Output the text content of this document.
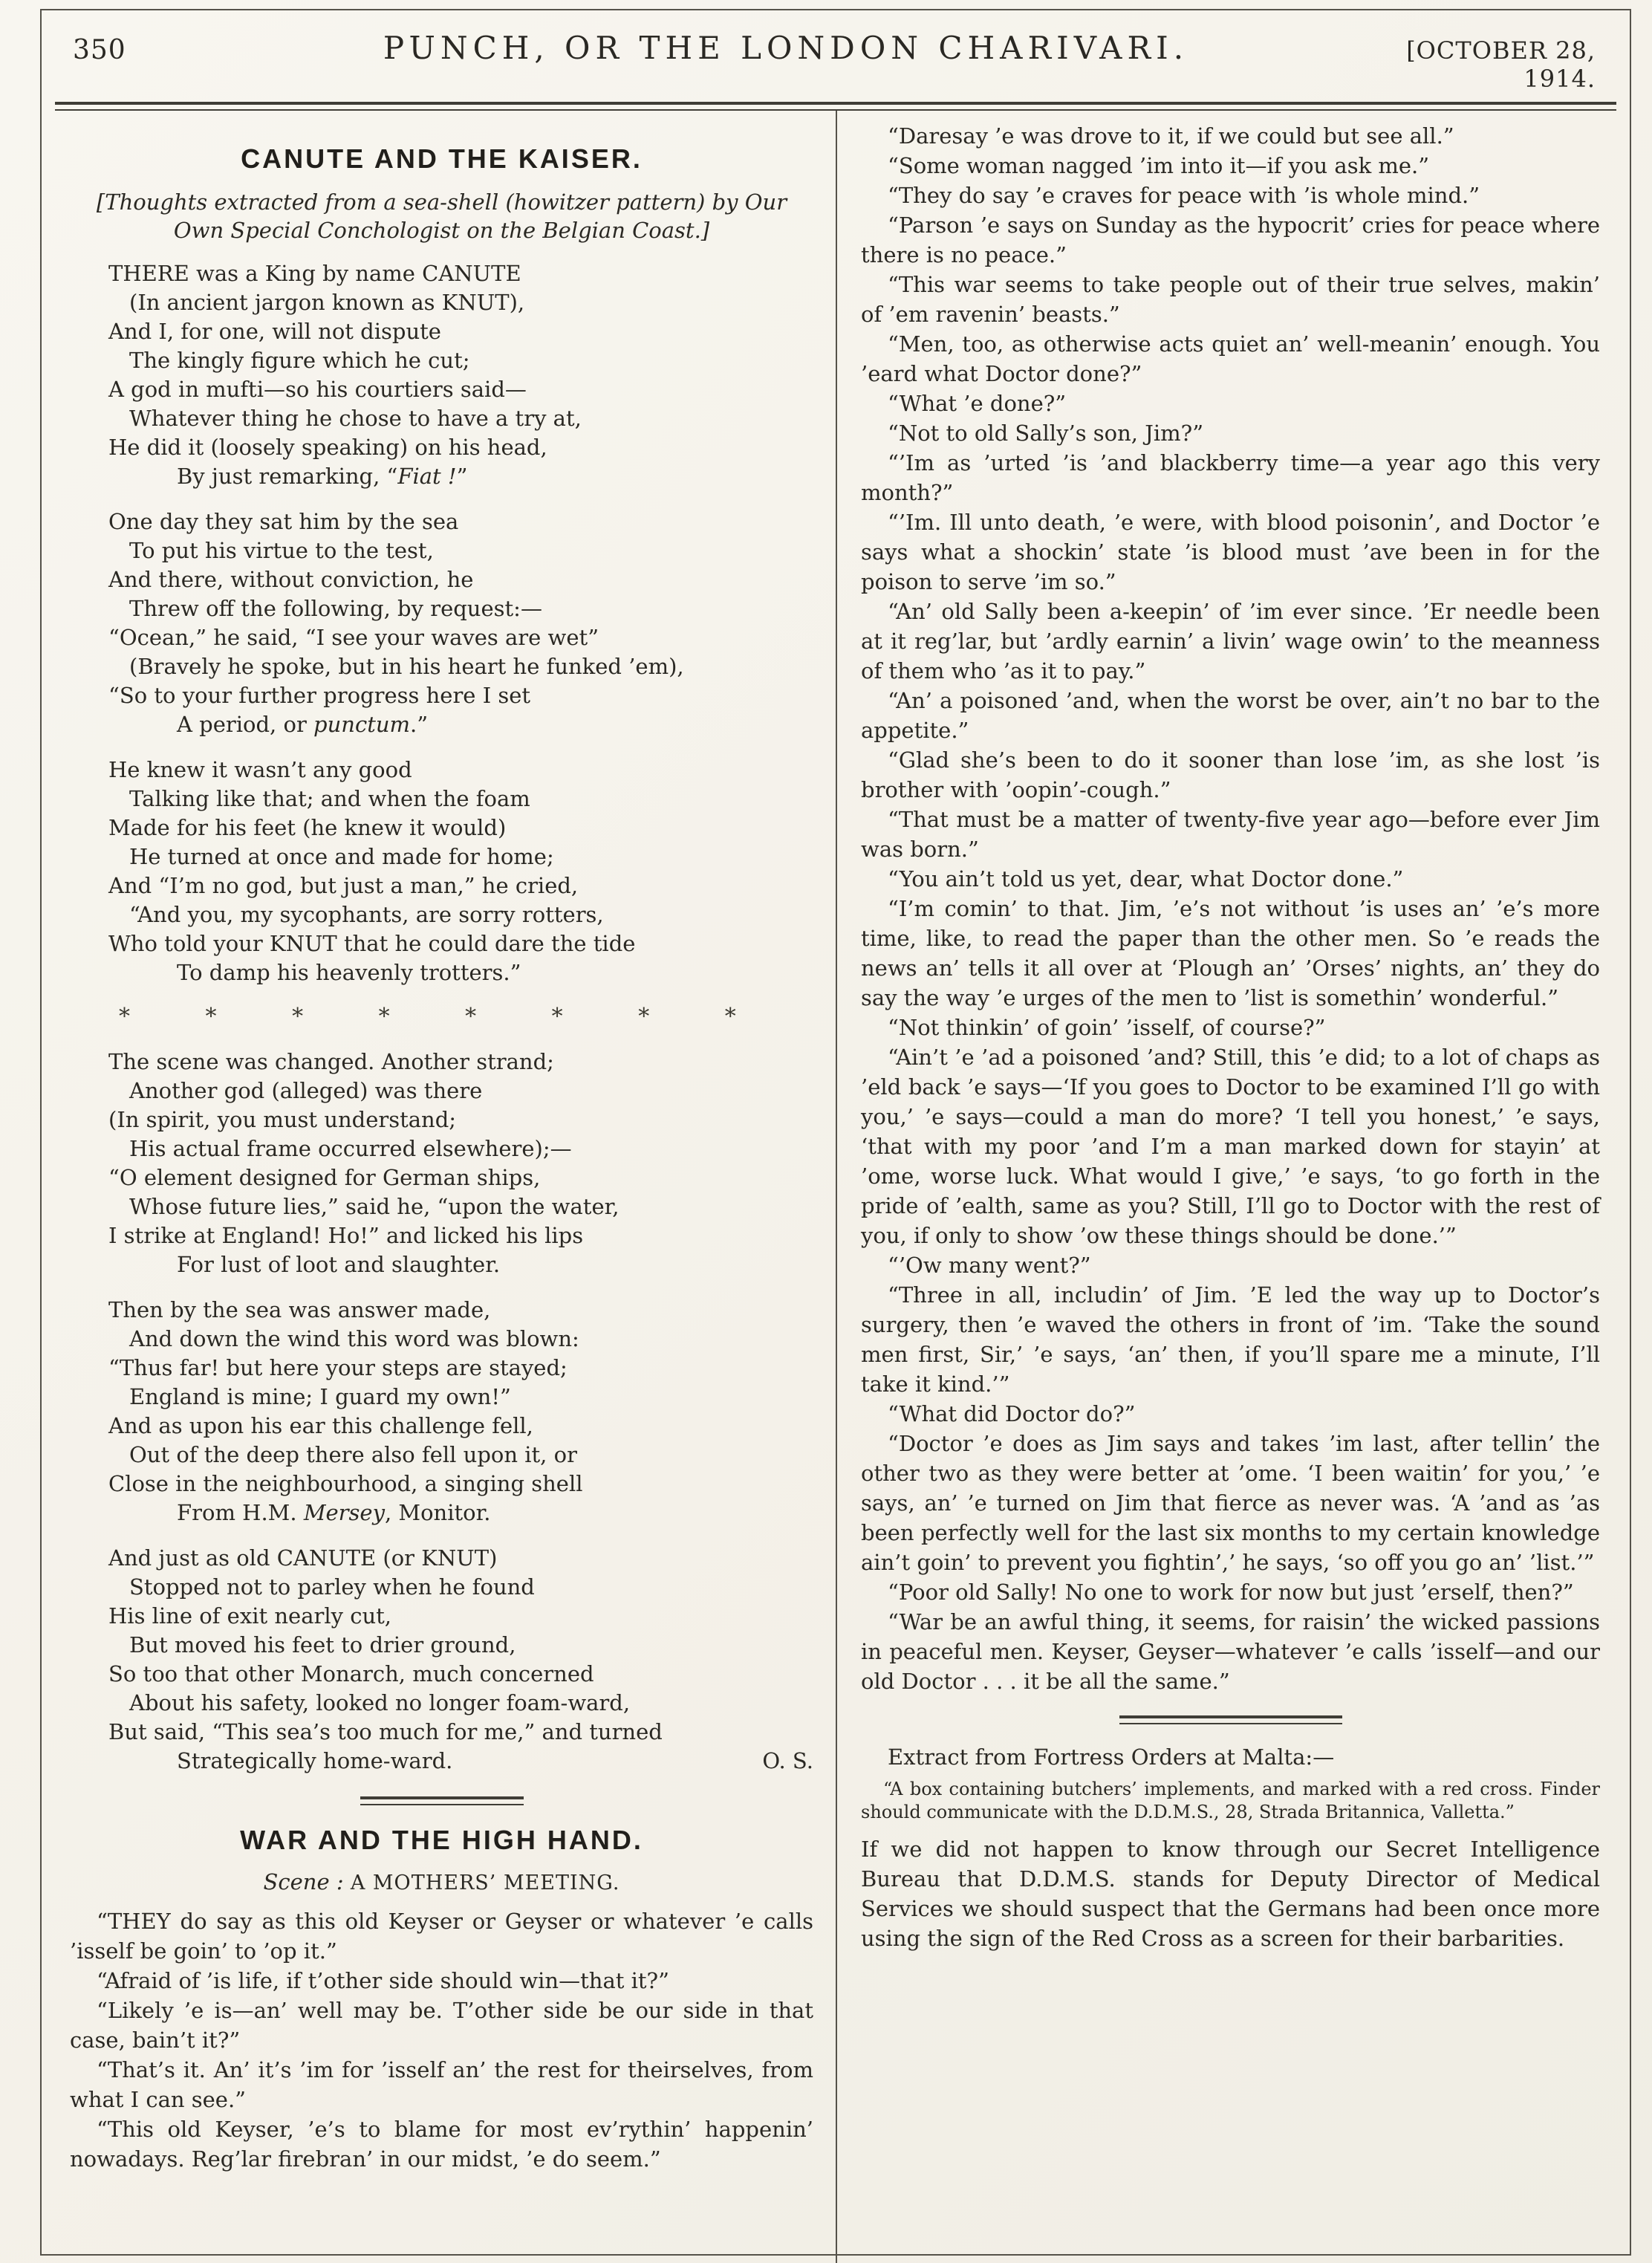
350	PUNCH, OR THE LONDON CHARIVARI.	[OCTOBER 28, 1914.
CANUTE AND THE KAISER.

[Thoughts extracted from a sea-shell (howitzer pattern) by Our Own Special Conchologist on the Belgian Coast.]

THERE was a King by name CANUTE
(In ancient jargon known as KNUT),
And I, for one, will not dispute
The kingly figure which he cut;
A god in mufti—so his courtiers said—
Whatever thing he chose to have a try at,
He did it (loosely speaking) on his head,
By just remarking, “Fiat !”
One day they sat him by the sea
To put his virtue to the test,
And there, without conviction, he
Threw off the following, by request:—
“Ocean,” he said, “I see your waves are wet”
(Bravely he spoke, but in his heart he funked ’em),
“So to your further progress here I set
A period, or punctum.”
He knew it wasn’t any good
Talking like that; and when the foam
Made for his feet (he knew it would)
He turned at once and made for home;
And “I’m no god, but just a man,” he cried,
“And you, my sycophants, are sorry rotters,
Who told your KNUT that he could dare the tide
To damp his heavenly trotters.”
* * * * * * * *
The scene was changed. Another strand;
Another god (alleged) was there
(In spirit, you must understand;
His actual frame occurred elsewhere);—
“O element designed for German ships,
Whose future lies,” said he, “upon the water,
I strike at England! Ho!” and licked his lips
For lust of loot and slaughter.
Then by the sea was answer made,
And down the wind this word was blown:
“Thus far! but here your steps are stayed;
England is mine; I guard my own!”
And as upon his ear this challenge fell,
Out of the deep there also fell upon it, or
Close in the neighbourhood, a singing shell
From H.M. Mersey, Monitor.
And just as old CANUTE (or KNUT)
Stopped not to parley when he found
His line of exit nearly cut,
But moved his feet to drier ground,
So too that other Monarch, much concerned
About his safety, looked no longer foam-ward,
But said, “This sea’s too much for me,” and turned
Strategically home-ward.	O. S.
WAR AND THE HIGH HAND.

Scene : A MOTHERS’ MEETING.

“THEY do say as this old Keyser or Geyser or whatever ’e calls ’isself be goin’ to ’op it.”

“Afraid of ’is life, if t’other side should win—that it?”

“Likely ’e is—an’ well may be. T’other side be our side in that case, bain’t it?”

“That’s it. An’ it’s ’im for ’isself an’ the rest for theirselves, from what I can see.”

“This old Keyser, ’e’s to blame for most ev’rythin’ happenin’ nowadays. Reg’lar firebran’ in our midst, ’e do seem.”

“Daresay ’e was drove to it, if we could but see all.”

“Some woman nagged ’im into it—if you ask me.”

“They do say ’e craves for peace with ’is whole mind.”

“Parson ’e says on Sunday as the hypocrit’ cries for peace where there is no peace.”

“This war seems to take people out of their true selves, makin’ of ’em ravenin’ beasts.”

“Men, too, as otherwise acts quiet an’ well-meanin’ enough. You ’eard what Doctor done?”

“What ’e done?”

“Not to old Sally’s son, Jim?”

“’Im as ’urted ’is ’and blackberry time—a year ago this very month?”

“’Im. Ill unto death, ’e were, with blood poisonin’, and Doctor ’e says what a shockin’ state ’is blood must ’ave been in for the poison to serve ’im so.”

“An’ old Sally been a-keepin’ of ’im ever since. ’Er needle been at it reg’lar, but ’ardly earnin’ a livin’ wage owin’ to the meanness of them who ’as it to pay.”

“An’ a poisoned ’and, when the worst be over, ain’t no bar to the appetite.”

“Glad she’s been to do it sooner than lose ’im, as she lost ’is brother with ’oopin’-cough.”

“That must be a matter of twenty-five year ago—before ever Jim was born.”

“You ain’t told us yet, dear, what Doctor done.”

“I’m comin’ to that. Jim, ’e’s not without ’is uses an’ ’e’s more time, like, to read the paper than the other men. So ’e reads the news an’ tells it all over at ‘Plough an’ ’Orses’ nights, an’ they do say the way ’e urges of the men to ’list is somethin’ wonderful.”

“Not thinkin’ of goin’ ’isself, of course?”

“Ain’t ’e ’ad a poisoned ’and? Still, this ’e did; to a lot of chaps as ’eld back ’e says—‘If you goes to Doctor to be examined I’ll go with you,’ ’e says—could a man do more? ‘I tell you honest,’ ’e says, ‘that with my poor ’and I’m a man marked down for stayin’ at ’ome, worse luck. What would I give,’ ’e says, ‘to go forth in the pride of ’ealth, same as you? Still, I’ll go to Doctor with the rest of you, if only to show ’ow these things should be done.’”

“’Ow many went?”

“Three in all, includin’ of Jim. ’E led the way up to Doctor’s surgery, then ’e waved the others in front of ’im. ‘Take the sound men first, Sir,’ ’e says, ‘an’ then, if you’ll spare me a minute, I’ll take it kind.’”

“What did Doctor do?”

“Doctor ’e does as Jim says and takes ’im last, after tellin’ the other two as they were better at ’ome. ‘I been waitin’ for you,’ ’e says, an’ ’e turned on Jim that fierce as never was. ‘A ’and as ’as been perfectly well for the last six months to my certain knowledge ain’t goin’ to prevent you fightin’,’ he says, ‘so off you go an’ ’list.’”

“Poor old Sally! No one to work for now but just ’erself, then?”

“War be an awful thing, it seems, for raisin’ the wicked passions in peaceful men. Keyser, Geyser—whatever ’e calls ’isself—and our old Doctor . . . it be all the same.”

Extract from Fortress Orders at Malta:—

“A box containing butchers’ implements, and marked with a red cross. Finder should communicate with the D.D.M.S., 28, Strada Britannica, Valletta.”

If we did not happen to know through our Secret Intelligence Bureau that D.D.M.S. stands for Deputy Director of Medical Services we should suspect that the Germans had been once more using the sign of the Red Cross as a screen for their barbarities.
